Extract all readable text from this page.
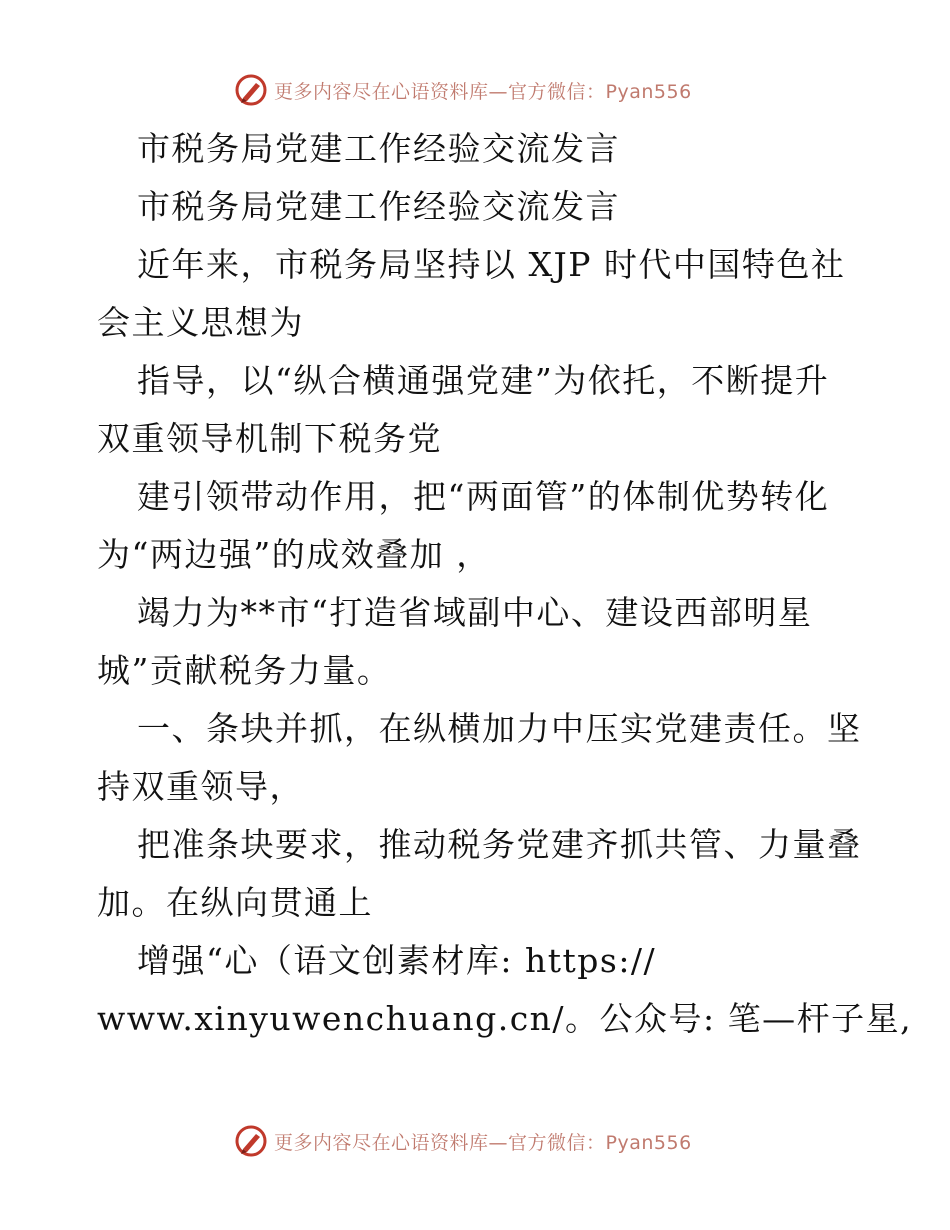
更多内容尽在心语资料库—官方微信：Pyan556
市税务局党建工作经验交流发言
市税务局党建工作经验交流发言
近年来，市税务局坚持以 XJP 时代中国特色社
会主义思想为
指导，以“纵合横通强党建”为依托，不断提升
双重领导机制下税务党
建引领带动作用，把“两面管”的体制优势转化
为“两边强”的成效叠加 ，
竭力为**市“打造省域副中心、建设西部明星
城”贡献税务力量。
一、条块并抓，在纵横加力中压实党建责任。坚
持双重领导，
把准条块要求，推动税务党建齐抓共管、力量叠
加。在纵向贯通上
增强“心（语文创素材库: https://
www.xinyuwenchuang.cn/。公众号: 笔—杆子星,
更多内容尽在心语资料库—官方微信：Pyan556
